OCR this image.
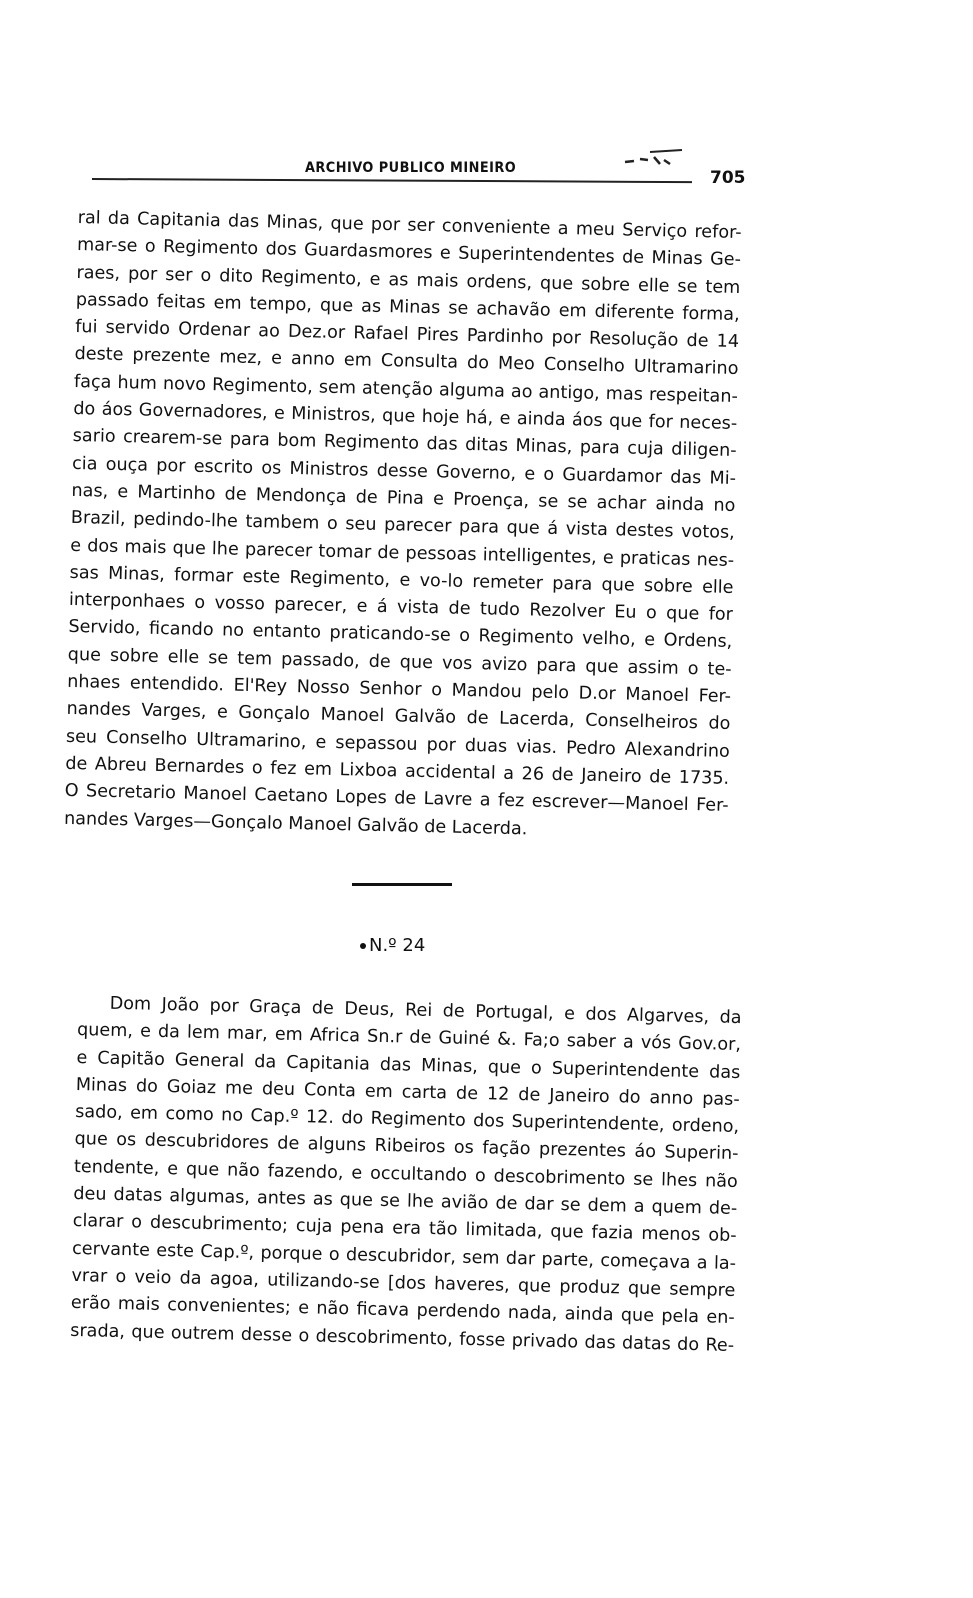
ARCHIVO PUBLICO MINEIRO	705
ral da Capitania das Minas, que por ser conveniente a meu Serviço refor-
mar-se o Regimento dos Guardasmores e Superintendentes de Minas Ge-
raes, por ser o dito Regimento, e as mais ordens, que sobre elle se tem
passado feitas em tempo, que as Minas se achavão em diferente forma,
fui servido Ordenar ao Dez.or Rafael Pires Pardinho por Resolução de 14
deste prezente mez, e anno em Consulta do Meo Conselho Ultramarino
faça hum novo Regimento, sem atenção alguma ao antigo, mas respeitan-
do áos Governadores, e Ministros, que hoje há, e ainda áos que for neces-
sario crearem-se para bom Regimento das ditas Minas, para cuja diligen-
cia ouça por escrito os Ministros desse Governo, e o Guardamor das Mi-
nas, e Martinho de Mendonça de Pina e Proença, se se achar ainda no
Brazil, pedindo-lhe tambem o seu parecer para que á vista destes votos,
e dos mais que lhe parecer tomar de pessoas intelligentes, e praticas nes-
sas Minas, formar este Regimento, e vo-lo remeter para que sobre elle
interponhaes o vosso parecer, e á vista de tudo Rezolver Eu o que for
Servido, ficando no entanto praticando-se o Regimento velho, e Ordens,
que sobre elle se tem passado, de que vos avizo para que assim o te-
nhaes entendido. El'Rey Nosso Senhor o Mandou pelo D.or Manoel Fer-
nandes Varges, e Gonçalo Manoel Galvão de Lacerda, Conselheiros do
seu Conselho Ultramarino, e sepassou por duas vias. Pedro Alexandrino
de Abreu Bernardes o fez em Lixboa accidental a 26 de Janeiro de 1735.
O Secretario Manoel Caetano Lopes de Lavre a fez escrever—Manoel Fer-
nandes Varges—Gonçalo Manoel Galvão de Lacerda.
N.º 24
Dom João por Graça de Deus, Rei de Portugal, e dos Algarves, da
quem, e da lem mar, em Africa Sn.r de Guiné &. Fa;o saber a vós Gov.or,
e Capitão General da Capitania das Minas, que o Superintendente das
Minas do Goiaz me deu Conta em carta de 12 de Janeiro do anno pas-
sado, em como no Cap.º 12. do Regimento dos Superintendente, ordeno,
que os descubridores de alguns Ribeiros os fação prezentes áo Superin-
tendente, e que não fazendo, e occultando o descobrimento se lhes não
deu datas algumas, antes as que se lhe avião de dar se dem a quem de-
clarar o descubrimento; cuja pena era tão limitada, que fazia menos ob-
cervante este Cap.º, porque o descubridor, sem dar parte, começava a la-
vrar o veio da agoa, utilizando-se [dos haveres, que produz que sempre
erão mais convenientes; e não ficava perdendo nada, ainda que pela en-
srada, que outrem desse o descobrimento, fosse privado das datas do Re-
